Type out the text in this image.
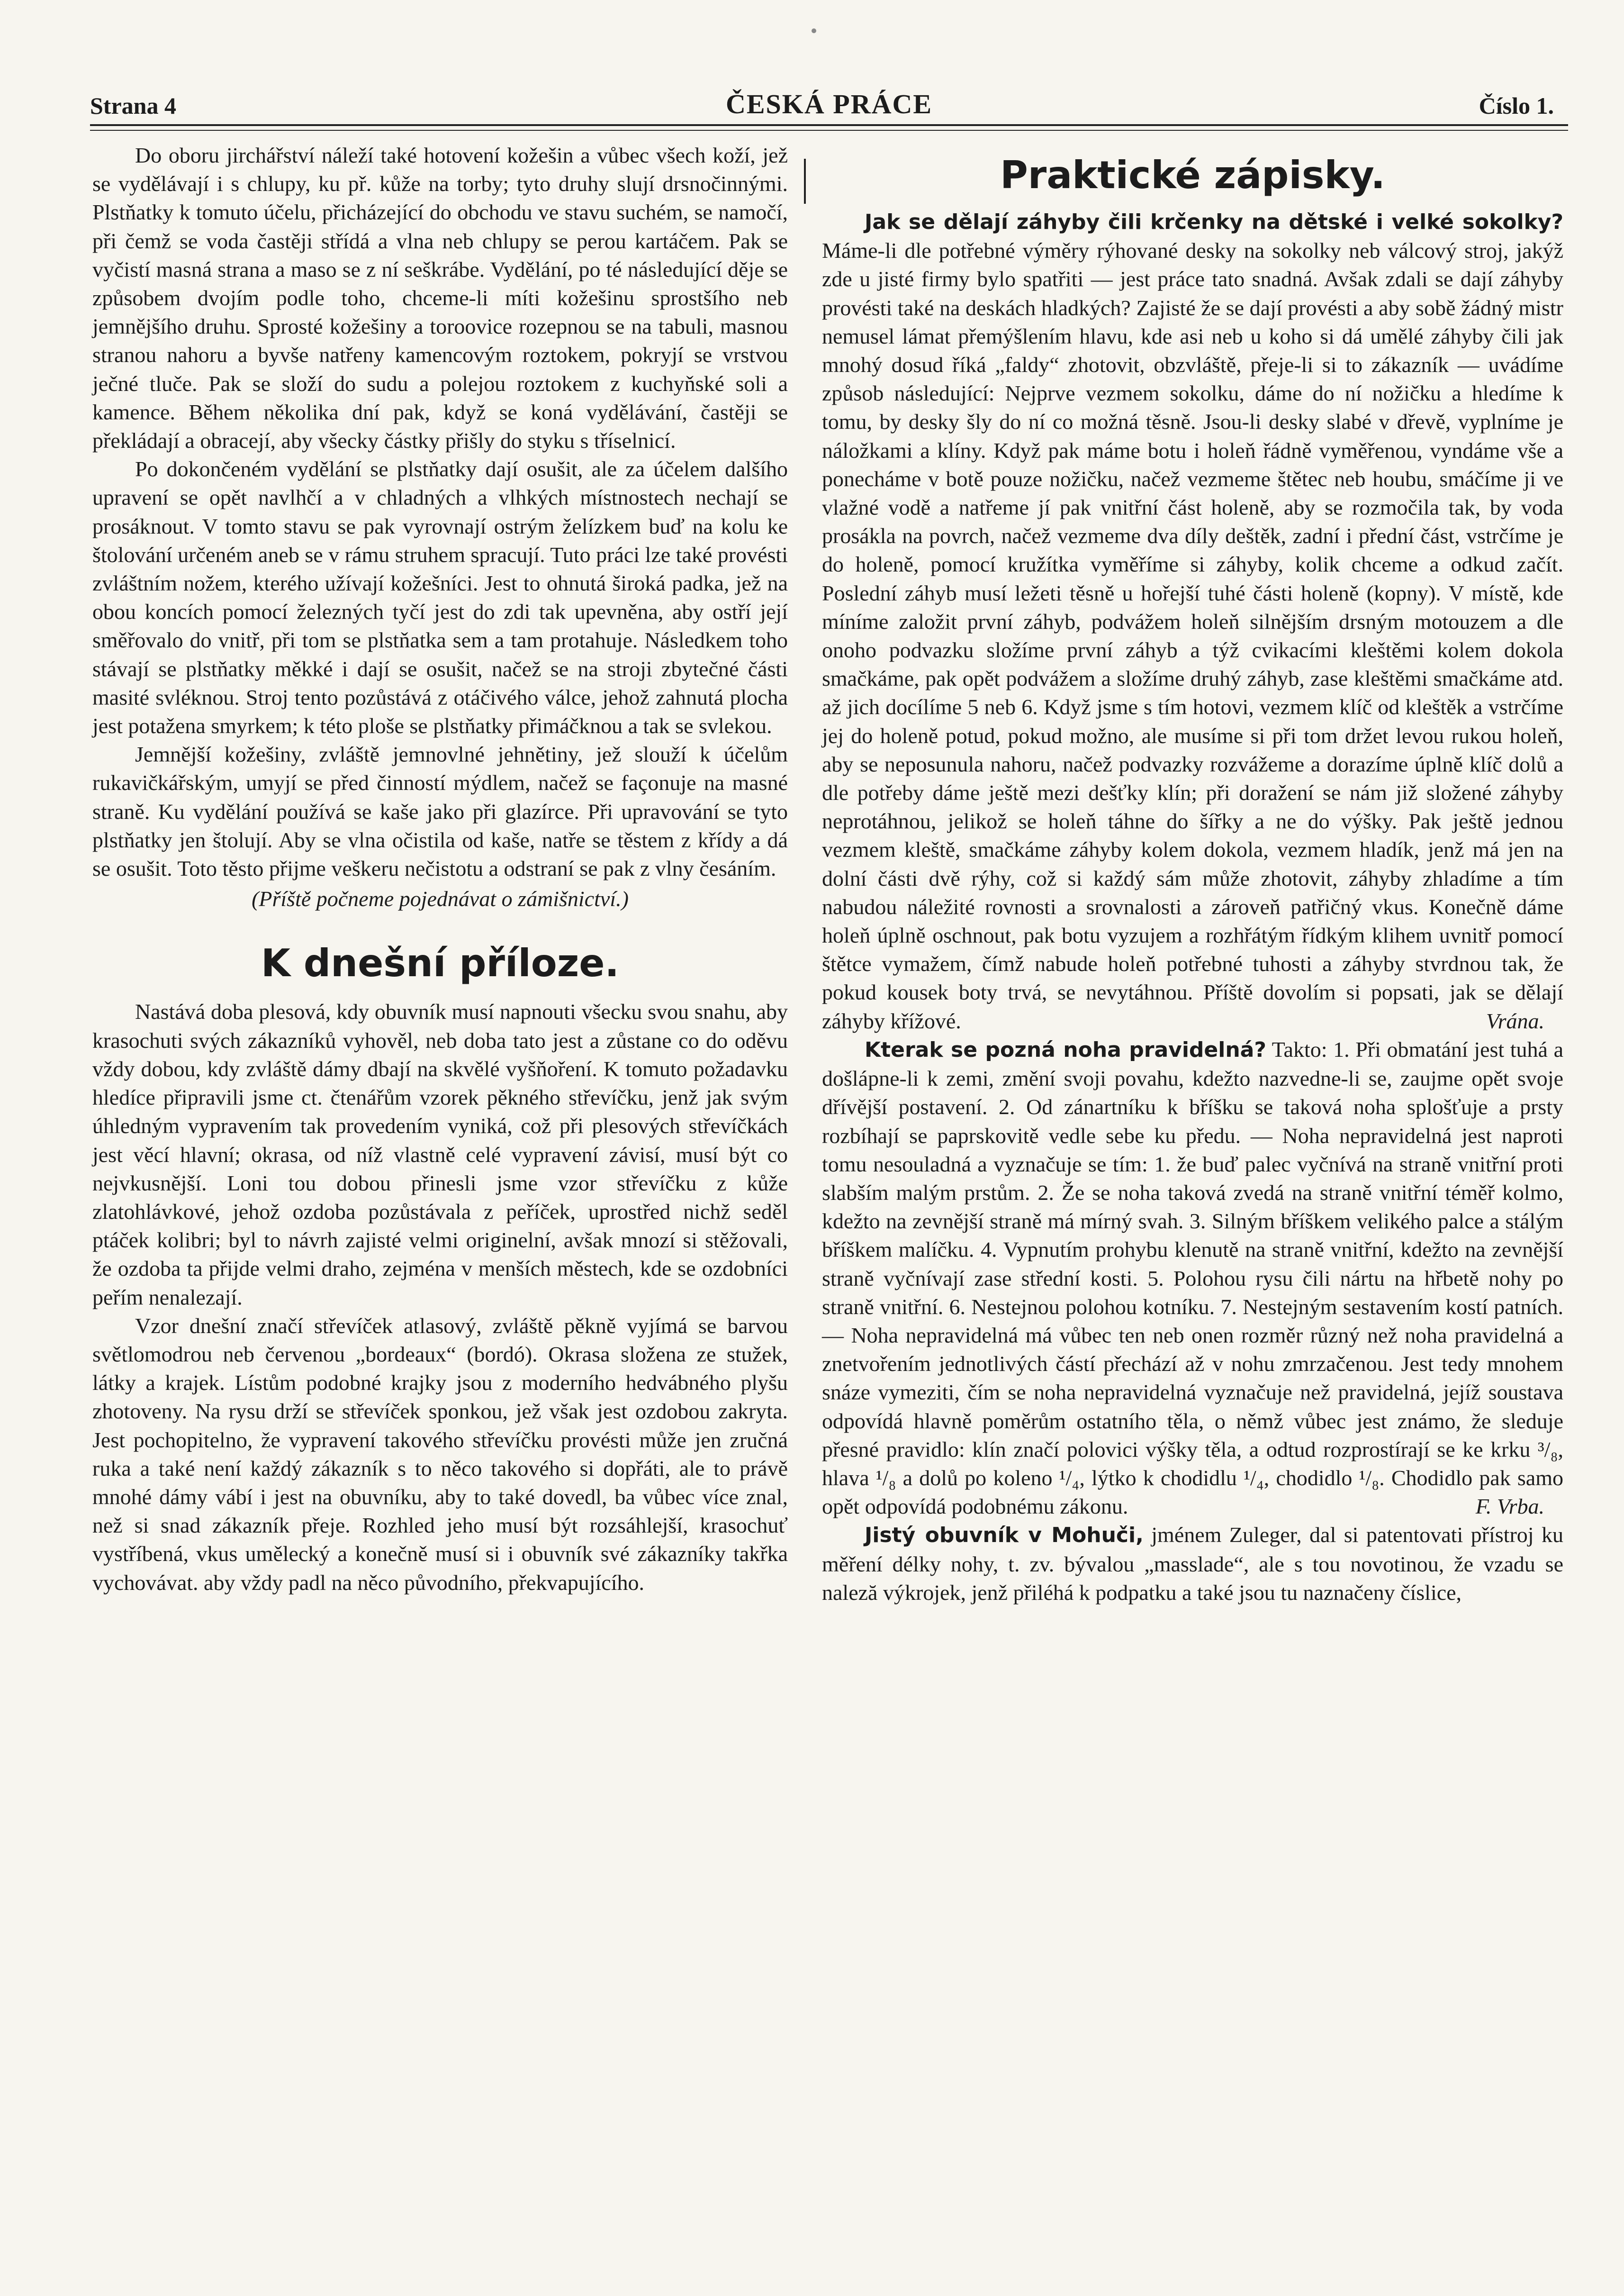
Strana 4	ČESKÁ PRÁCE	Číslo 1.

Do oboru jirchářství náleží také hotovení kožešin a vůbec všech koží, jež se vydělávají i s chlupy, ku př. kůže na torby; tyto druhy slují drsnočinnými. Plstňatky k tomuto účelu, přicházející do obchodu ve stavu suchém, se namočí, při čemž se voda častěji střídá a vlna neb chlupy se perou kartáčem. Pak se vyčistí masná strana a maso se z ní seškrábe. Vydělání, po té následující děje se způsobem dvojím podle toho, chceme-li míti kožešinu sprostšího neb jemnějšího druhu. Sprosté kožešiny a toroovice rozepnou se na tabuli, masnou stranou nahoru a byvše natřeny kamencovým roztokem, pokryjí se vrstvou ječné tluče. Pak se složí do sudu a polejou roztokem z kuchyňské soli a kamence. Během několika dní pak, když se koná vydělávání, častěji se překládají a obracejí, aby všecky částky přišly do styku s tříselnicí.

Po dokončeném vydělání se plstňatky dají osušit, ale za účelem dalšího upravení se opět navlhčí a v chladných a vlhkých místnostech nechají se prosáknout. V tomto stavu se pak vyrovnají ostrým želízkem buď na kolu ke štolování určeném aneb se v rámu struhem spracují. Tuto práci lze také provésti zvláštním nožem, kterého užívají kožešníci. Jest to ohnutá široká padka, jež na obou koncích pomocí železných tyčí jest do zdi tak upevněna, aby ostří její směřovalo do vnitř, při tom se plstňatka sem a tam protahuje. Následkem toho stávají se plstňatky měkké i dají se osušit, načež se na stroji zbytečné části masité svléknou. Stroj tento pozůstává z otáčivého válce, jehož zahnutá plocha jest potažena smyrkem; k této ploše se plstňatky přimáčknou a tak se svlekou.

Jemnější kožešiny, zvláště jemnovlné jehnětiny, jež slouží k účelům rukavičkářským, umyjí se před činností mýdlem, načež se façonuje na masné straně. Ku vydělání používá se kaše jako při glazírce. Při upravování se tyto plstňatky jen štolují. Aby se vlna očistila od kaše, natře se těstem z křídy a dá se osušit. Toto těsto přijme veškeru nečistotu a odstraní se pak z vlny česáním.

(Příště počneme pojednávat o zámišnictví.)

K dnešní příloze.

Nastává doba plesová, kdy obuvník musí napnouti všecku svou snahu, aby krasochuti svých zákazníků vyhověl, neb doba tato jest a zůstane co do oděvu vždy dobou, kdy zvláště dámy dbají na skvělé vyšňoření. K tomuto požadavku hledíce připravili jsme ct. čtenářům vzorek pěkného střevíčku, jenž jak svým úhledným vypravením tak provedením vyniká, což při plesových střevíčkách jest věcí hlavní; okrasa, od níž vlastně celé vypravení závisí, musí být co nejvkusnější. Loni tou dobou přinesli jsme vzor střevíčku z kůže zlatohlávkové, jehož ozdoba pozůstávala z peříček, uprostřed nichž seděl ptáček kolibri; byl to návrh zajisté velmi originelní, avšak mnozí si stěžovali, že ozdoba ta přijde velmi draho, zejména v menších městech, kde se ozdobníci peřím nenalezají.

Vzor dnešní značí střevíček atlasový, zvláště pěkně vyjímá se barvou světlomodrou neb červenou „bordeaux“ (bordó). Okrasa složena ze stužek, látky a krajek. Lístům podobné krajky jsou z moderního hedvábného plyšu zhotoveny. Na rysu drží se střevíček sponkou, jež však jest ozdobou zakryta. Jest pochopitelno, že vypravení takového střevíčku provésti může jen zručná ruka a také není každý zákazník s to něco takového si dopřáti, ale to právě mnohé dámy vábí i jest na obuvníku, aby to také dovedl, ba vůbec více znal, než si snad zákazník přeje. Rozhled jeho musí být rozsáhlejší, krasochuť vystříbená, vkus umělecký a konečně musí si i obuvník své zákazníky takřka vychovávat. aby vždy padl na něco původního, překvapujícího.

Praktické zápisky.

Jak se dělají záhyby čili krčenky na dětské i velké sokolky? Máme-li dle potřebné výměry rýhované desky na sokolky neb válcový stroj, jakýž zde u jisté firmy bylo spatřiti — jest práce tato snadná. Avšak zdali se dají záhyby provésti také na deskách hladkých? Zajisté že se dají provésti a aby sobě žádný mistr nemusel lámat přemýšlením hlavu, kde asi neb u koho si dá umělé záhyby čili jak mnohý dosud říká „faldy“ zhotovit, obzvláště, přeje-li si to zákazník — uvádíme způsob následující: Nejprve vezmem sokolku, dáme do ní nožičku a hledíme k tomu, by desky šly do ní co možná těsně. Jsou-li desky slabé v dřevě, vyplníme je náložkami a klíny. Když pak máme botu i holeň řádně vyměřenou, vyndáme vše a ponecháme v botě pouze nožičku, načež vezmeme štětec neb houbu, smáčíme ji ve vlažné vodě a natřeme jí pak vnitřní část holeně, aby se rozmočila tak, by voda prosákla na povrch, načež vezmeme dva díly deštěk, zadní i přední část, vstrčíme je do holeně, pomocí kružítka vyměříme si záhyby, kolik chceme a odkud začít. Poslední záhyb musí ležeti těsně u hořejší tuhé části holeně (kopny). V místě, kde míníme založit první záhyb, podvážem holeň silnějším drsným motouzem a dle onoho podvazku složíme první záhyb a týž cvikacími kleštěmi kolem dokola smačkáme, pak opět podvážem a složíme druhý záhyb, zase kleštěmi smačkáme atd. až jich docílíme 5 neb 6. Když jsme s tím hotovi, vezmem klíč od kleštěk a vstrčíme jej do holeně potud, pokud možno, ale musíme si při tom držet levou rukou holeň, aby se neposunula nahoru, načež podvazky rozvážeme a dorazíme úplně klíč dolů a dle potřeby dáme ještě mezi dešťky klín; při doražení se nám již složené záhyby neprotáhnou, jelikož se holeň táhne do šířky a ne do výšky. Pak ještě jednou vezmem kleště, smačkáme záhyby kolem dokola, vezmem hladík, jenž má jen na dolní části dvě rýhy, což si každý sám může zhotovit, záhyby zhladíme a tím nabudou náležité rovnosti a srovnalosti a zároveň patřičný vkus. Konečně dáme holeň úplně oschnout, pak botu vyzujem a rozhřátým řídkým klihem uvnitř pomocí štětce vymažem, čímž nabude holeň potřebné tuhosti a záhyby stvrdnou tak, že pokud kousek boty trvá, se nevytáhnou. Příště dovolím si popsati, jak se dělají záhyby křížové.	Vrána.

Kterak se pozná noha pravidelná? Takto: 1. Při obmatání jest tuhá a došlápne-li k zemi, změní svoji povahu, kdežto nazvedne-li se, zaujme opět svoje dřívější postavení. 2. Od zánartníku k bříšku se taková noha splošťuje a prsty rozbíhají se paprskovitě vedle sebe ku předu. — Noha nepravidelná jest naproti tomu nesouladná a vyznačuje se tím: 1. že buď palec vyčnívá na straně vnitřní proti slabším malým prstům. 2. Že se noha taková zvedá na straně vnitřní téměř kolmo, kdežto na zevnější straně má mírný svah. 3. Silným bříškem velikého palce a stálým bříškem malíčku. 4. Vypnutím prohybu klenutě na straně vnitřní, kdežto na zevnější straně vyčnívají zase střední kosti. 5. Polohou rysu čili nártu na hřbetě nohy po straně vnitřní. 6. Nestejnou polohou kotníku. 7. Nestejným sestavením kostí patních. — Noha nepravidelná má vůbec ten neb onen rozměr různý než noha pravidelná a znetvořením jednotlivých částí přechází až v nohu zmrzačenou. Jest tedy mnohem snáze vymeziti, čím se noha nepravidelná vyznačuje než pravidelná, jejíž soustava odpovídá hlavně poměrům ostatního těla, o němž vůbec jest známo, že sleduje přesné pravidlo: klín značí polovici výšky těla, a odtud rozprostírají se ke krku ³/₈, hlava ¹/₈ a dolů po koleno ¹/₄, lýtko k chodidlu ¹/₄, chodidlo ¹/₈. Chodidlo pak samo opět odpovídá podobnému zákonu.	F. Vrba.

Jistý obuvník v Mohuči, jménem Zuleger, dal si patentovati přístroj ku měření délky nohy, t. zv. bývalou „masslade“, ale s tou novotinou, že vzadu se naleză výkrojek, jenž přiléhá k podpatku a také jsou tu naznačeny číslice,
